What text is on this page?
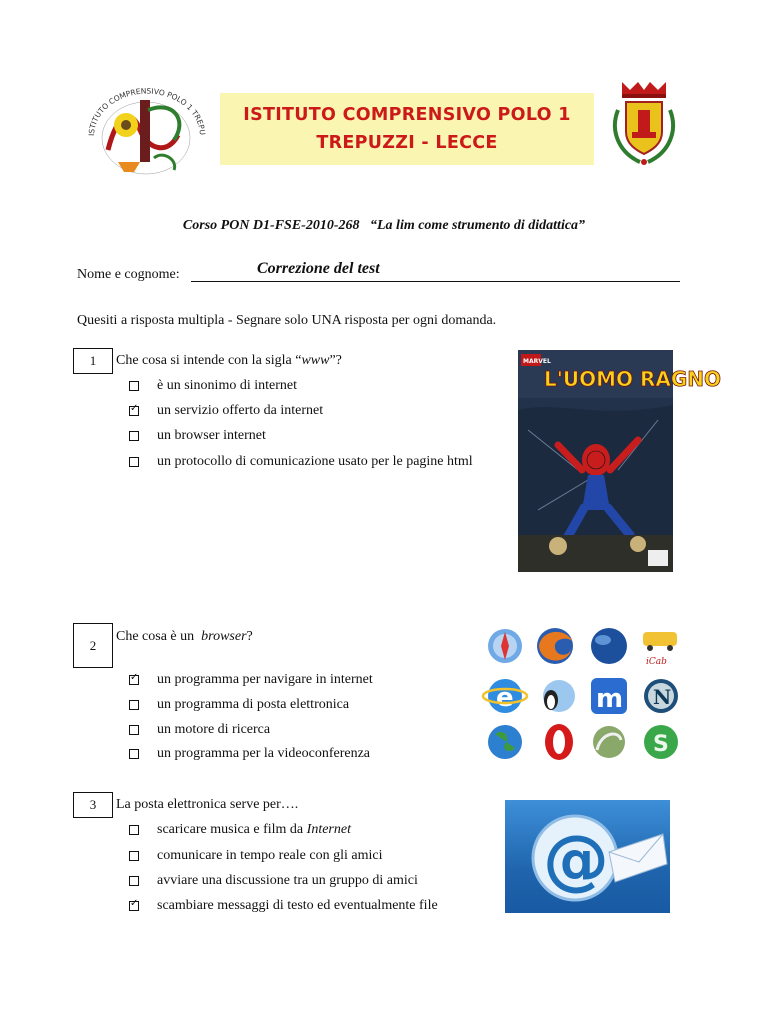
ISTITUTO COMPRENSIVO POLO 1 TREPU
ISTITUTO COMPRENSIVO POLO 1
TREPUZZI - LECCE
Corso PON D1-FSE-2010-268 “La lim come strumento di didattica”
Nome e cognome:	Correzione del test
Quesiti a risposta multipla - Segnare solo UNA risposta per ogni domanda.
1	Che cosa si intende con la sigla “www”?
è un sinonimo di internet
✓
un servizio offerto da internet
un browser internet
un protocollo di comunicazione usato per le pagine html
MARVEL
L'UOMO RAGNO
2
Che cosa è un  browser?
✓
un programma per navigare in internet
un programma di posta elettronica
un motore di ricerca
un programma per la videoconferenza
iCab
e	m N
S
3	La posta elettronica serve per….
scaricare musica e film da Internet
comunicare in tempo reale con gli amici
avviare una discussione tra un gruppo di amici
✓
scambiare messaggi di testo ed eventualmente file
@
